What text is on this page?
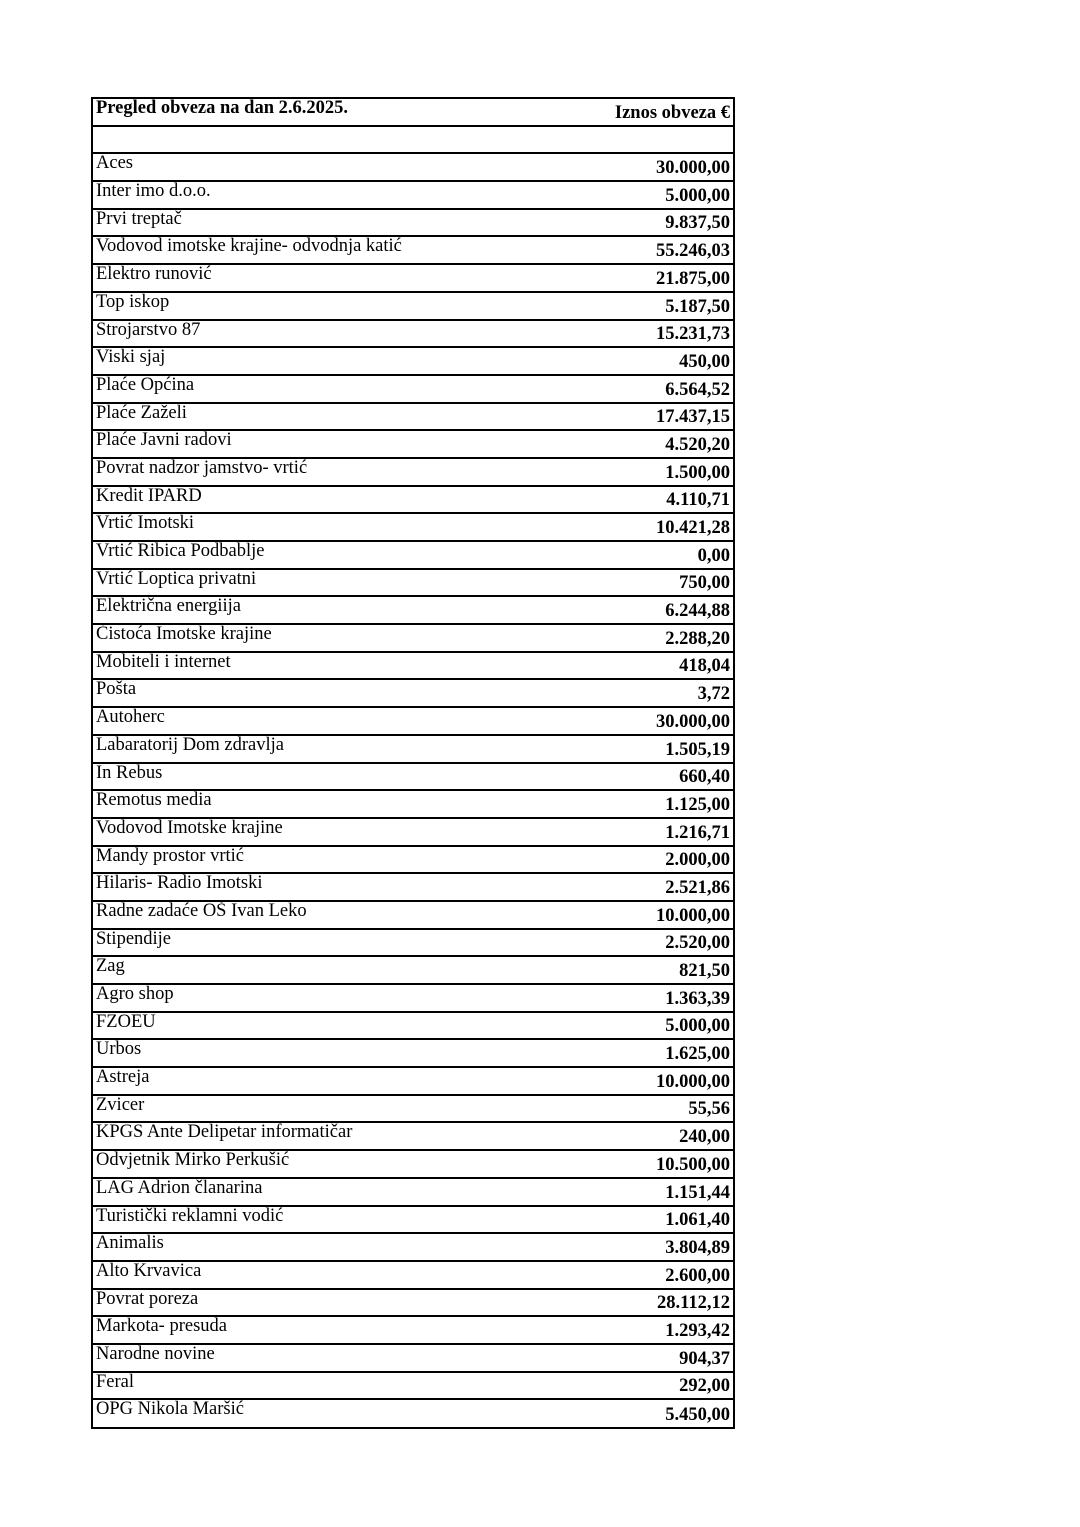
Pregled obveza na dan 2.6.2025.	Iznos obveza €
Aces	30.000,00
Inter imo d.o.o.	5.000,00
Prvi treptač	9.837,50
Vodovod imotske krajine- odvodnja katić	55.246,03
Elektro runović	21.875,00
Top iskop	5.187,50
Strojarstvo 87	15.231,73
Viski sjaj	450,00
Plaće Općina	6.564,52
Plaće Zaželi	17.437,15
Plaće Javni radovi	4.520,20
Povrat nadzor jamstvo- vrtić	1.500,00
Kredit IPARD	4.110,71
Vrtić Imotski	10.421,28
Vrtić Ribica Podbablje	0,00
Vrtić Loptica privatni	750,00
Električna energiija	6.244,88
Čistoća Imotske krajine	2.288,20
Mobiteli i internet	418,04
Pošta	3,72
Autoherc	30.000,00
Labaratorij Dom zdravlja	1.505,19
In Rebus	660,40
Remotus media	1.125,00
Vodovod Imotske krajine	1.216,71
Mandy prostor vrtić	2.000,00
Hilaris- Radio Imotski	2.521,86
Radne zadaće OŠ Ivan Leko	10.000,00
Stipendije	2.520,00
Zag	821,50
Agro shop	1.363,39
FZOEU	5.000,00
Urbos	1.625,00
Astreja	10.000,00
Zvicer	55,56
KPGS Ante Delipetar informatičar	240,00
Odvjetnik Mirko Perkušić	10.500,00
LAG Adrion članarina	1.151,44
Turistički reklamni vodić	1.061,40
Animalis	3.804,89
Alto Krvavica	2.600,00
Povrat poreza	28.112,12
Markota- presuda	1.293,42
Narodne novine	904,37
Feral	292,00
OPG Nikola Maršić	5.450,00
